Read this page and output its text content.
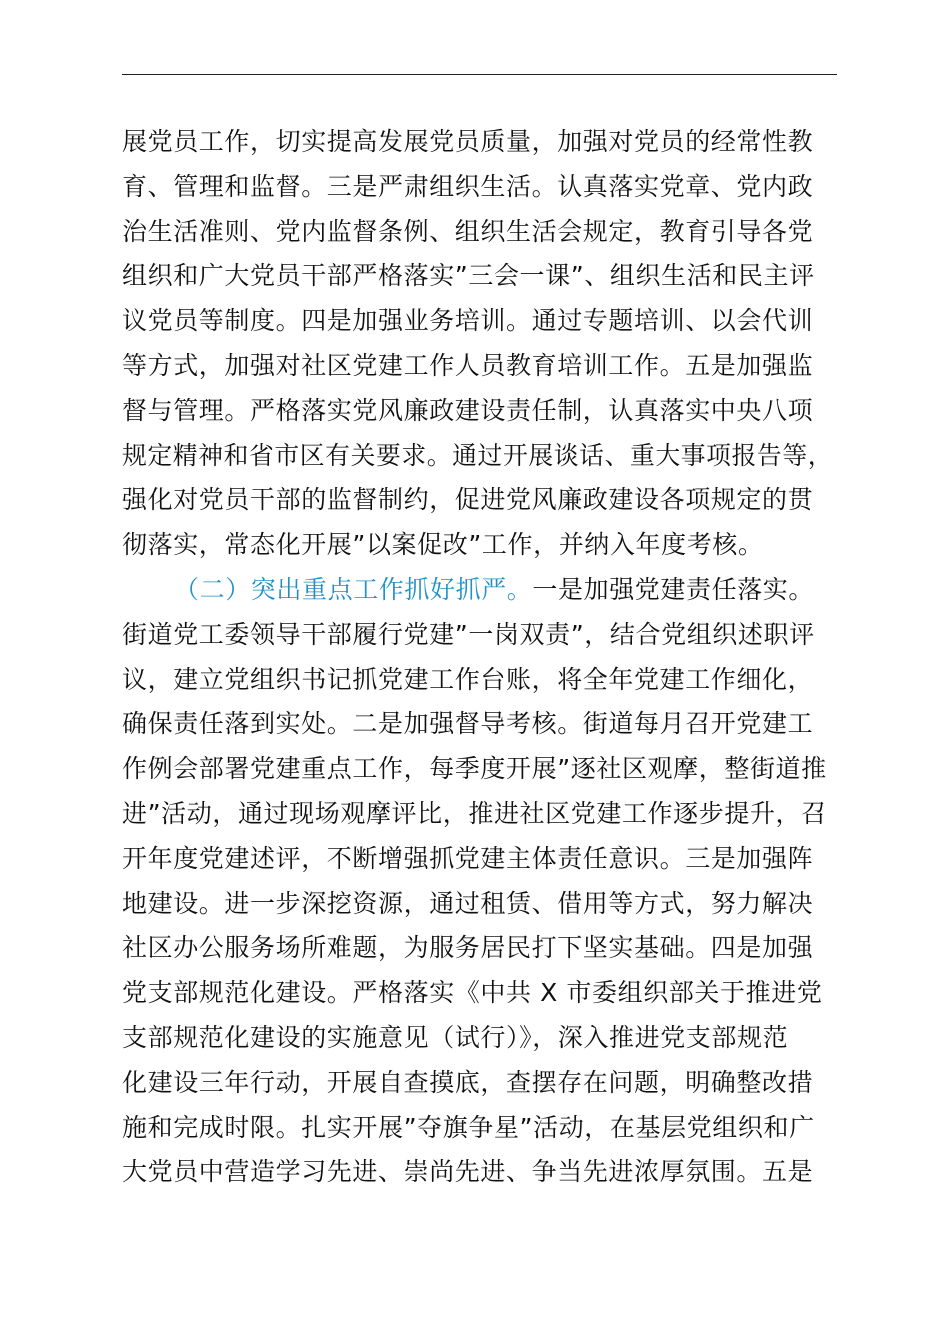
展党员工作，切实提高发展党员质量，加强对党员的经常性教
育、管理和监督。三是严肃组织生活。认真落实党章、党内政
治生活准则、党内监督条例、组织生活会规定，教育引导各党
组织和广大党员干部严格落实”三会一课”、组织生活和民主评
议党员等制度。四是加强业务培训。通过专题培训、以会代训
等方式，加强对社区党建工作人员教育培训工作。五是加强监
督与管理。严格落实党风廉政建设责任制，认真落实中央八项
规定精神和省市区有关要求。通过开展谈话、重大事项报告等，
强化对党员干部的监督制约，促进党风廉政建设各项规定的贯
彻落实，常态化开展”以案促改”工作，并纳入年度考核。
（二）突出重点工作抓好抓严。一是加强党建责任落实。
街道党工委领导干部履行党建”一岗双责”，结合党组织述职评
议，建立党组织书记抓党建工作台账，将全年党建工作细化，
确保责任落到实处。二是加强督导考核。街道每月召开党建工
作例会部署党建重点工作，每季度开展”逐社区观摩，整街道推
进”活动，通过现场观摩评比，推进社区党建工作逐步提升，召
开年度党建述评，不断增强抓党建主体责任意识。三是加强阵
地建设。进一步深挖资源，通过租赁、借用等方式，努力解决
社区办公服务场所难题，为服务居民打下坚实基础。四是加强
党支部规范化建设。严格落实《中共 X 市委组织部关于推进党
支部规范化建设的实施意见（试行）》，深入推进党支部规范
化建设三年行动，开展自查摸底，查摆存在问题，明确整改措
施和完成时限。扎实开展”夺旗争星”活动，在基层党组织和广
大党员中营造学习先进、崇尚先进、争当先进浓厚氛围。五是
